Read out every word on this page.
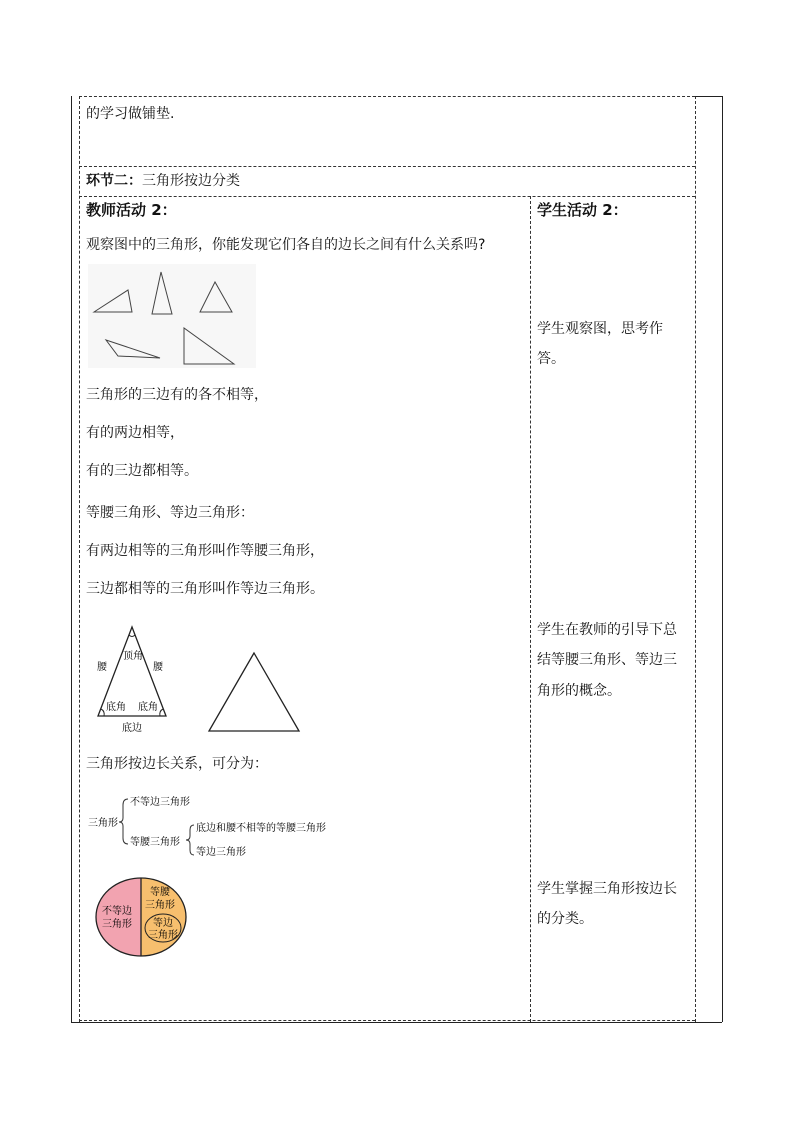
的学习做铺垫.
环节二：三角形按边分类
教师活动 2：
观察图中的三角形，你能发现它们各自的边长之间有什么关系吗?
三角形的三边有的各不相等，
有的两边相等，
有的三边都相等。
等腰三角形、等边三角形：
有两边相等的三角形叫作等腰三角形，
三边都相等的三角形叫作等边三角形。
顶角
腰	腰
底角 底角
底边
三角形按边长关系，可分为：
三角形
不等边三角形
等腰三角形
底边和腰不相等的等腰三角形
等边三角形
不等边
三角形
等腰
三角形
等边
三角形
学生活动 2：
学生观察图，思考作
答。
学生在教师的引导下总
结等腰三角形、等边三
角形的概念。
学生掌握三角形按边长
的分类。
